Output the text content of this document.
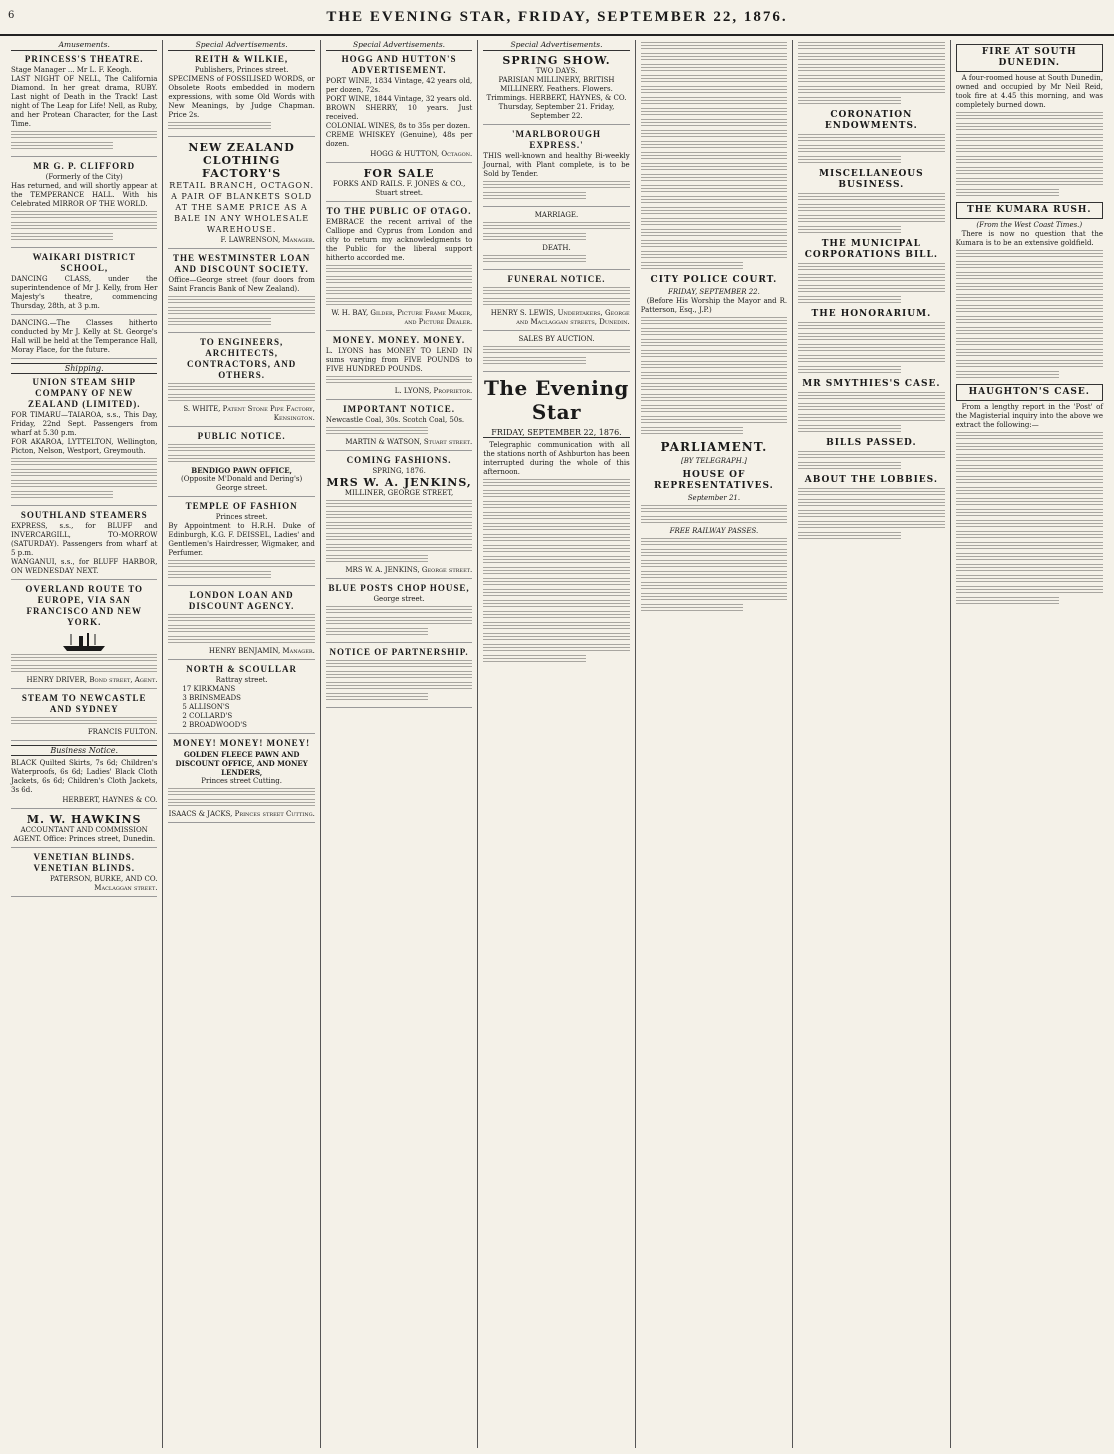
6	THE EVENING STAR, FRIDAY, SEPTEMBER 22, 1876.
Amusements.
PRINCESS'S THEATRE.

Stage Manager ... Mr L. F. Keogh.

LAST NIGHT OF NELL, The California Diamond. In her great drama, RUBY. Last night of Death in the Track! Last night of The Leap for Life! Nell, as Ruby, and her Protean Character, for the Last Time.

MR G. P. CLIFFORD

(Formerly of the City)

Has returned, and will shortly appear at the TEMPERANCE HALL. With his Celebrated MIRROR OF THE WORLD.

WAIKARI DISTRICT SCHOOL,

DANCING CLASS, under the superintendence of Mr J. Kelly, from Her Majesty's theatre, commencing Thursday, 28th, at 3 p.m.

DANCING.—The Classes hitherto conducted by Mr J. Kelly at St. George's Hall will be held at the Temperance Hall, Moray Place, for the future.

Shipping.
UNION STEAM SHIP COMPANY OF NEW ZEALAND (LIMITED).

FOR TIMARU—TAIAROA, s.s., This Day, Friday, 22nd Sept. Passengers from wharf at 5.30 p.m.

FOR AKAROA, LYTTELTON, Wellington, Picton, Nelson, Westport, Greymouth.

SOUTHLAND STEAMERS

EXPRESS, s.s., for BLUFF and INVERCARGILL, TO-MORROW (SATURDAY). Passengers from wharf at 5 p.m.

WANGANUI, s.s., for BLUFF HARBOR, ON WEDNESDAY NEXT.

OVERLAND ROUTE TO EUROPE, VIA SAN FRANCISCO AND NEW YORK.

HENRY DRIVER, Bond street, Agent.

STEAM TO NEWCASTLE AND SYDNEY

FRANCIS FULTON.

Business Notice.

BLACK Quilted Skirts, 7s 6d; Children's Waterproofs, 6s 6d; Ladies' Black Cloth Jackets, 6s 6d; Children's Cloth Jackets, 3s 6d.

HERBERT, HAYNES & CO.

M. W. HAWKINS

ACCOUNTANT AND COMMISSION AGENT. Office: Princes street, Dunedin.

VENETIAN BLINDS. VENETIAN BLINDS.

PATERSON, BURKE, AND CO. Maclaggan street.

Special Advertisements.
REITH & WILKIE,

Publishers, Princes street.

SPECIMENS of FOSSILISED WORDS, or Obsolete Roots embedded in modern expressions, with some Old Words with New Meanings, by Judge Chapman. Price 2s.

NEW ZEALAND CLOTHING FACTORY'S

RETAIL BRANCH, OCTAGON. A PAIR OF BLANKETS SOLD AT THE SAME PRICE AS A BALE IN ANY WHOLESALE WAREHOUSE.

F. LAWRENSON, Manager.

THE WESTMINSTER LOAN AND DISCOUNT SOCIETY.

Office—George street (four doors from Saint Francis Bank of New Zealand).

TO ENGINEERS, ARCHITECTS, CONTRACTORS, AND OTHERS.

S. WHITE, Patent Stone Pipe Factory, Kensington.

PUBLIC NOTICE.

BENDIGO PAWN OFFICE,

(Opposite M'Donald and Dering's) George street.

TEMPLE OF FASHION

Princes street.

By Appointment to H.R.H. Duke of Edinburgh, K.G. F. DEISSEL, Ladies' and Gentlemen's Hairdresser, Wigmaker, and Perfumer.

LONDON LOAN AND DISCOUNT AGENCY.

HENRY BENJAMIN, Manager.

NORTH & SCOULLAR

Rattray street.

17 KIRKMANS

3 BRINSMEADS

5 ALLISON'S

2 COLLARD'S

2 BROADWOOD'S

MONEY! MONEY! MONEY!

GOLDEN FLEECE PAWN AND DISCOUNT OFFICE, AND MONEY LENDERS,

Princes street Cutting.

ISAACS & JACKS, Princes street Cutting.

Special Advertisements.
HOGG AND HUTTON'S ADVERTISEMENT.

PORT WINE, 1834 Vintage, 42 years old, per dozen, 72s.

PORT WINE, 1844 Vintage, 32 years old.

BROWN SHERRY, 10 years. Just received.

COLONIAL WINES, 8s to 35s per dozen.

CREME WHISKEY (Genuine), 48s per dozen.

HOGG & HUTTON, Octagon.

FOR SALE

FORKS AND RAILS. F. JONES & CO., Stuart street.

TO THE PUBLIC OF OTAGO.

EMBRACE the recent arrival of the Calliope and Cyprus from London and city to return my acknowledgments to the Public for the liberal support hitherto accorded me.

W. H. BAY, Gilder, Picture Frame Maker, and Picture Dealer.

MONEY. MONEY. MONEY.

L. LYONS has MONEY TO LEND IN sums varying from FIVE POUNDS to FIVE HUNDRED POUNDS.

L. LYONS, Proprietor.

IMPORTANT NOTICE.

Newcastle Coal, 30s. Scotch Coal, 50s.

MARTIN & WATSON, Stuart street.

COMING FASHIONS.

SPRING, 1876.

MRS W. A. JENKINS,

MILLINER, GEORGE STREET,

MRS W. A. JENKINS, George street.

BLUE POSTS CHOP HOUSE,

George street.

NOTICE OF PARTNERSHIP.
Special Advertisements.

SPRING SHOW.

TWO DAYS.

PARISIAN MILLINERY, BRITISH MILLINERY. Feathers. Flowers. Trimmings. HERBERT, HAYNES, & CO. Thursday, September 21. Friday, September 22.

'MARLBOROUGH EXPRESS.'

THIS well-known and healthy Bi-weekly Journal, with Plant complete, is to be Sold by Tender.

MARRIAGE.

DEATH.

FUNERAL NOTICE.

HENRY S. LEWIS, Undertakers, George and Maclaggan streets, Dunedin.

SALES BY AUCTION.

The Evening Star
FRIDAY, SEPTEMBER 22, 1876.

Telegraphic communication with all the stations north of Ashburton has been interrupted during the whole of this afternoon.

CITY POLICE COURT.
FRIDAY, SEPTEMBER 22.

(Before His Worship the Mayor and R. Patterson, Esq., J.P.)

PARLIAMENT.
[BY TELEGRAPH.]
HOUSE OF REPRESENTATIVES.
September 21.
FREE RAILWAY PASSES.
CORONATION ENDOWMENTS.
MISCELLANEOUS BUSINESS.
THE MUNICIPAL CORPORATIONS BILL.
THE HONORARIUM.
MR SMYTHIES'S CASE.
BILLS PASSED.
ABOUT THE LOBBIES.
FIRE AT SOUTH DUNEDIN.

A four-roomed house at South Dunedin, owned and occupied by Mr Neil Reid, took fire at 4.45 this morning, and was completely burned down.

THE KUMARA RUSH.
(From the West Coast Times.)

There is now no question that the Kumara is to be an extensive goldfield.

HAUGHTON'S CASE.

From a lengthy report in the 'Post' of the Magisterial inquiry into the above we extract the following:—
